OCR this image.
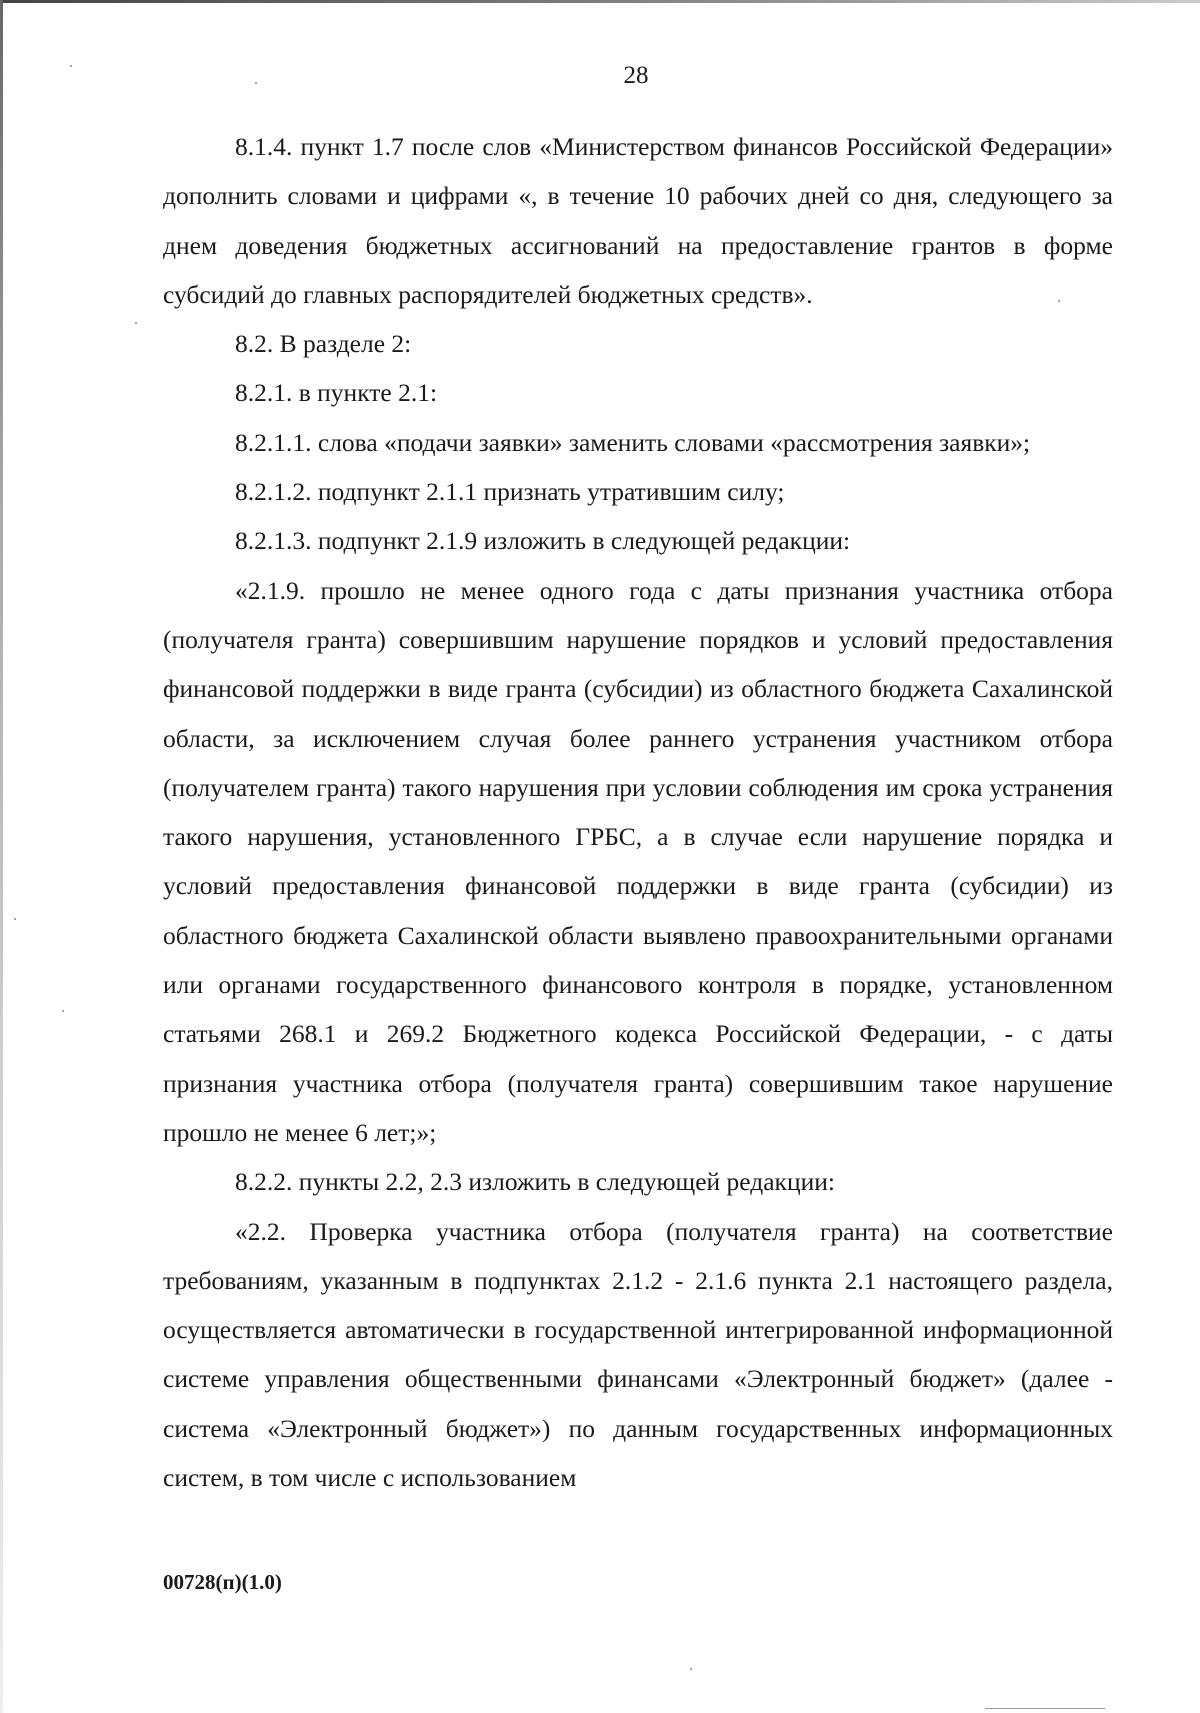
28

8.1.4. пункт 1.7 после слов «Министерством финансов Российской Федерации» дополнить словами и цифрами «, в течение 10 рабочих дней со дня, следующего за днем доведения бюджетных ассигнований на предоставление грантов в форме субсидий до главных распорядителей бюджетных средств».

8.2. В разделе 2:

8.2.1. в пункте 2.1:

8.2.1.1. слова «подачи заявки» заменить словами «рассмотрения заявки»;

8.2.1.2. подпункт 2.1.1 признать утратившим силу;

8.2.1.3. подпункт 2.1.9 изложить в следующей редакции:

«2.1.9. прошло не менее одного года с даты признания участника отбора (получателя гранта) совершившим нарушение порядков и условий предоставления финансовой поддержки в виде гранта (субсидии) из областного бюджета Сахалинской области, за исключением случая более раннего устранения участником отбора (получателем гранта) такого нарушения при условии соблюдения им срока устранения такого нарушения, установленного ГРБС, а в случае если нарушение порядка и условий предоставления финансовой поддержки в виде гранта (субсидии) из областного бюджета Сахалинской области выявлено правоохранительными органами или органами государственного финансового контроля в порядке, установленном статьями 268.1 и 269.2 Бюджетного кодекса Российской Федерации, - с даты признания участника отбора (получателя гранта) совершившим такое нарушение прошло не менее 6 лет;»;

8.2.2. пункты 2.2, 2.3 изложить в следующей редакции:

«2.2. Проверка участника отбора (получателя гранта) на соответствие требованиям, указанным в подпунктах 2.1.2 - 2.1.6 пункта 2.1 настоящего раздела, осуществляется автоматически в государственной интегрированной информационной системе управления общественными финансами «Электронный бюджет» (далее - система «Электронный бюджет») по данным государственных информационных систем, в том числе с использованием

00728(п)(1.0)
